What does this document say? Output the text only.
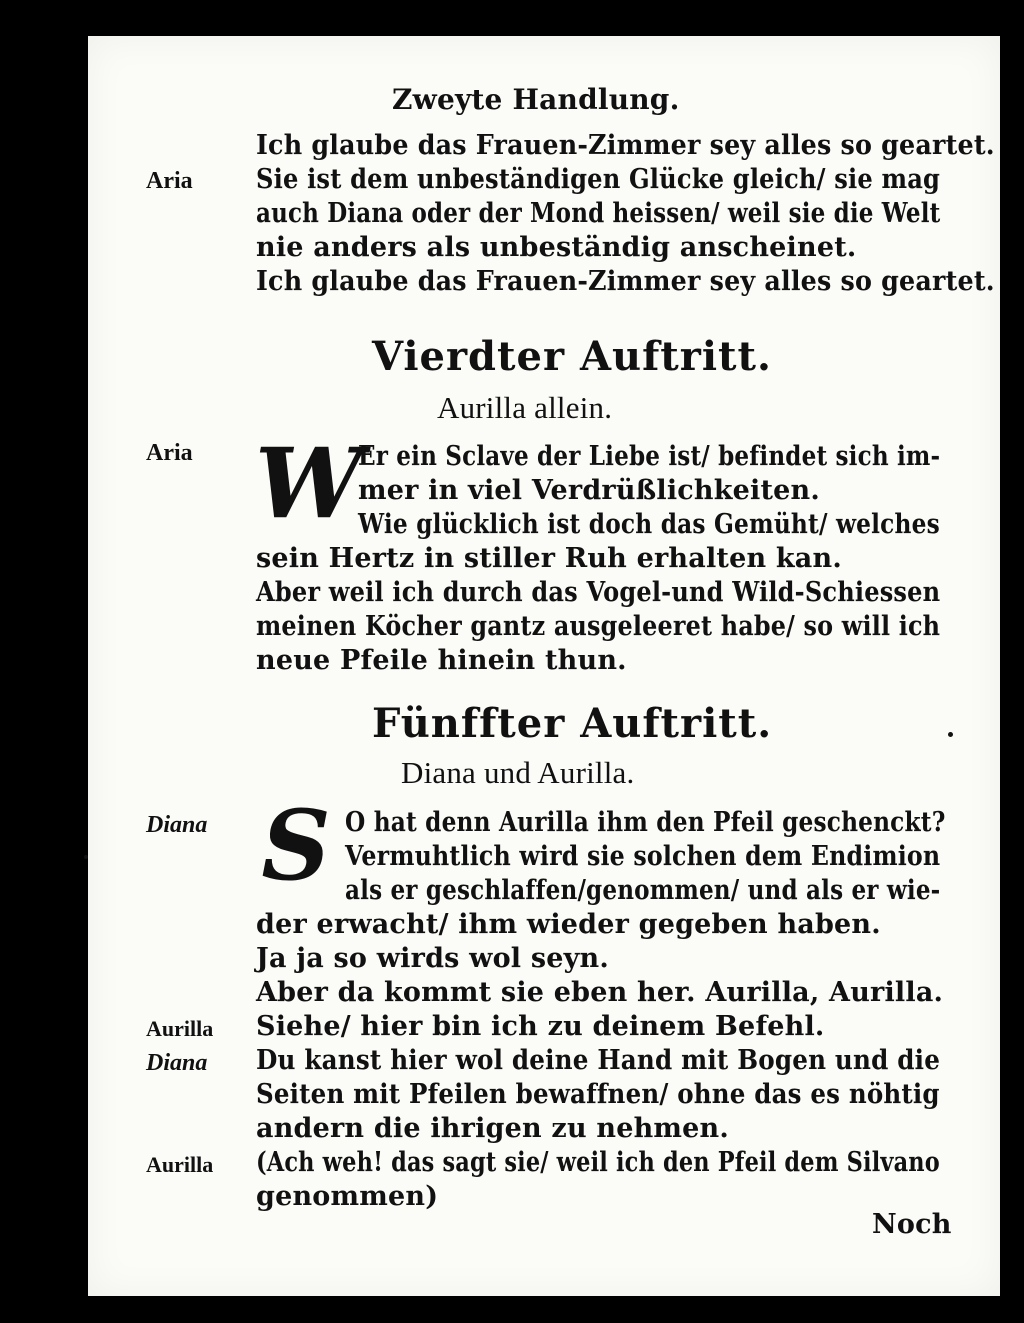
Zweyte Handlung.
Ich glaube das Frauen-Zimmer sey alles so geartet.
Aria Sie ist dem unbeständigen Glücke gleich/ sie mag
auch Diana oder der Mond heissen/ weil sie die Welt
nie anders als unbeständig anscheinet.
Ich glaube das Frauen-Zimmer sey alles so geartet.
Vierdter Auftritt.
Aurilla allein.
Aria W
Er ein Sclave der Liebe ist/ befindet sich im-
mer in viel Verdrüßlichkeiten.
Wie glücklich ist doch das Gemüht/ welches
sein Hertz in stiller Ruh erhalten kan.
Aber weil ich durch das Vogel-und Wild-Schiessen
meinen Köcher gantz ausgeleeret habe/ so will ich
neue Pfeile hinein thun.
Fünffter Auftritt.
Diana und Aurilla.
Diana S O hat denn Aurilla ihm den Pfeil geschenckt?
Vermuhtlich wird sie solchen dem Endimion
als er geschlaffen/genommen/ und als er wie-
der erwacht/ ihm wieder gegeben haben.
Ja ja so wirds wol seyn.
Aber da kommt sie eben her. Aurilla, Aurilla.
Aurilla Siehe/ hier bin ich zu deinem Befehl.
Diana Du kanst hier wol deine Hand mit Bogen und die
Seiten mit Pfeilen bewaffnen/ ohne das es nöhtig
andern die ihrigen zu nehmen.
Aurilla (Ach weh! das sagt sie/ weil ich den Pfeil dem Silvano
genommen)
Noch
